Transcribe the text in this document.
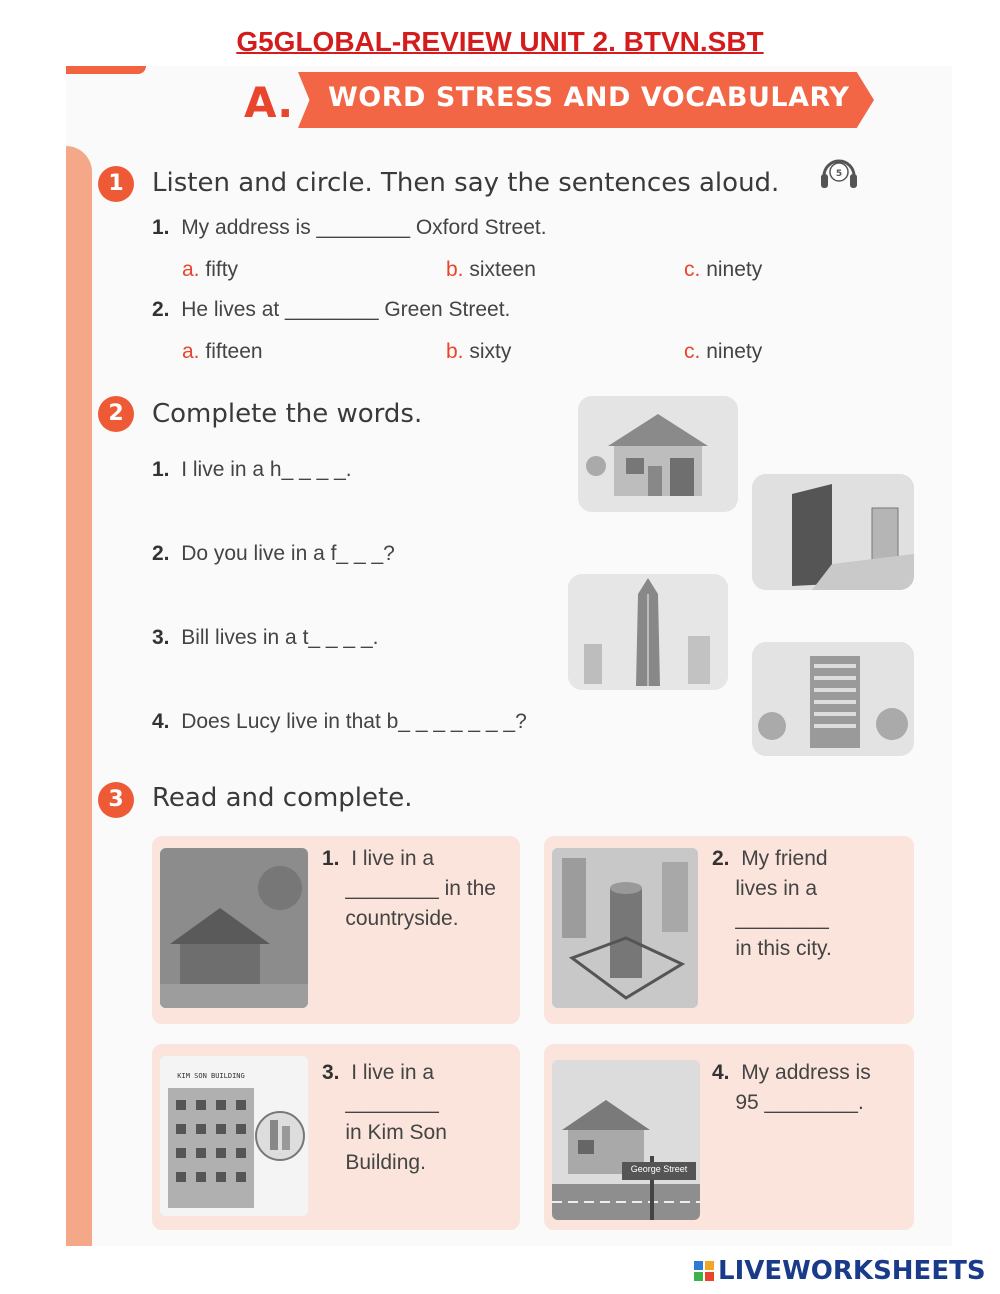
G5GLOBAL-REVIEW UNIT 2. BTVN.SBT
A. WORD STRESS AND VOCABULARY
1	Listen and circle. Then say the sentences aloud.	5
1. My address is ________ Oxford Street.
a. fifty	b. sixteen	c. ninety
2. He lives at ________ Green Street.
a. fifteen	b. sixty	c. ninety
2	Complete the words.
1. I live in a h_ _ _ _.
2. Do you live in a f_ _ _?
3. Bill lives in a t_ _ _ _.
4. Does Lucy live in that b_ _ _ _ _ _ _?
3	Read and complete.
1. I live in a
________ in the
countryside.
2. My friend
lives in a
________
in this city.
KIM SON BUILDING	3. I live in a
________
in Kim Son
Building.	George Street
4. My address is
95 ________.
LIVEWORKSHEETS
